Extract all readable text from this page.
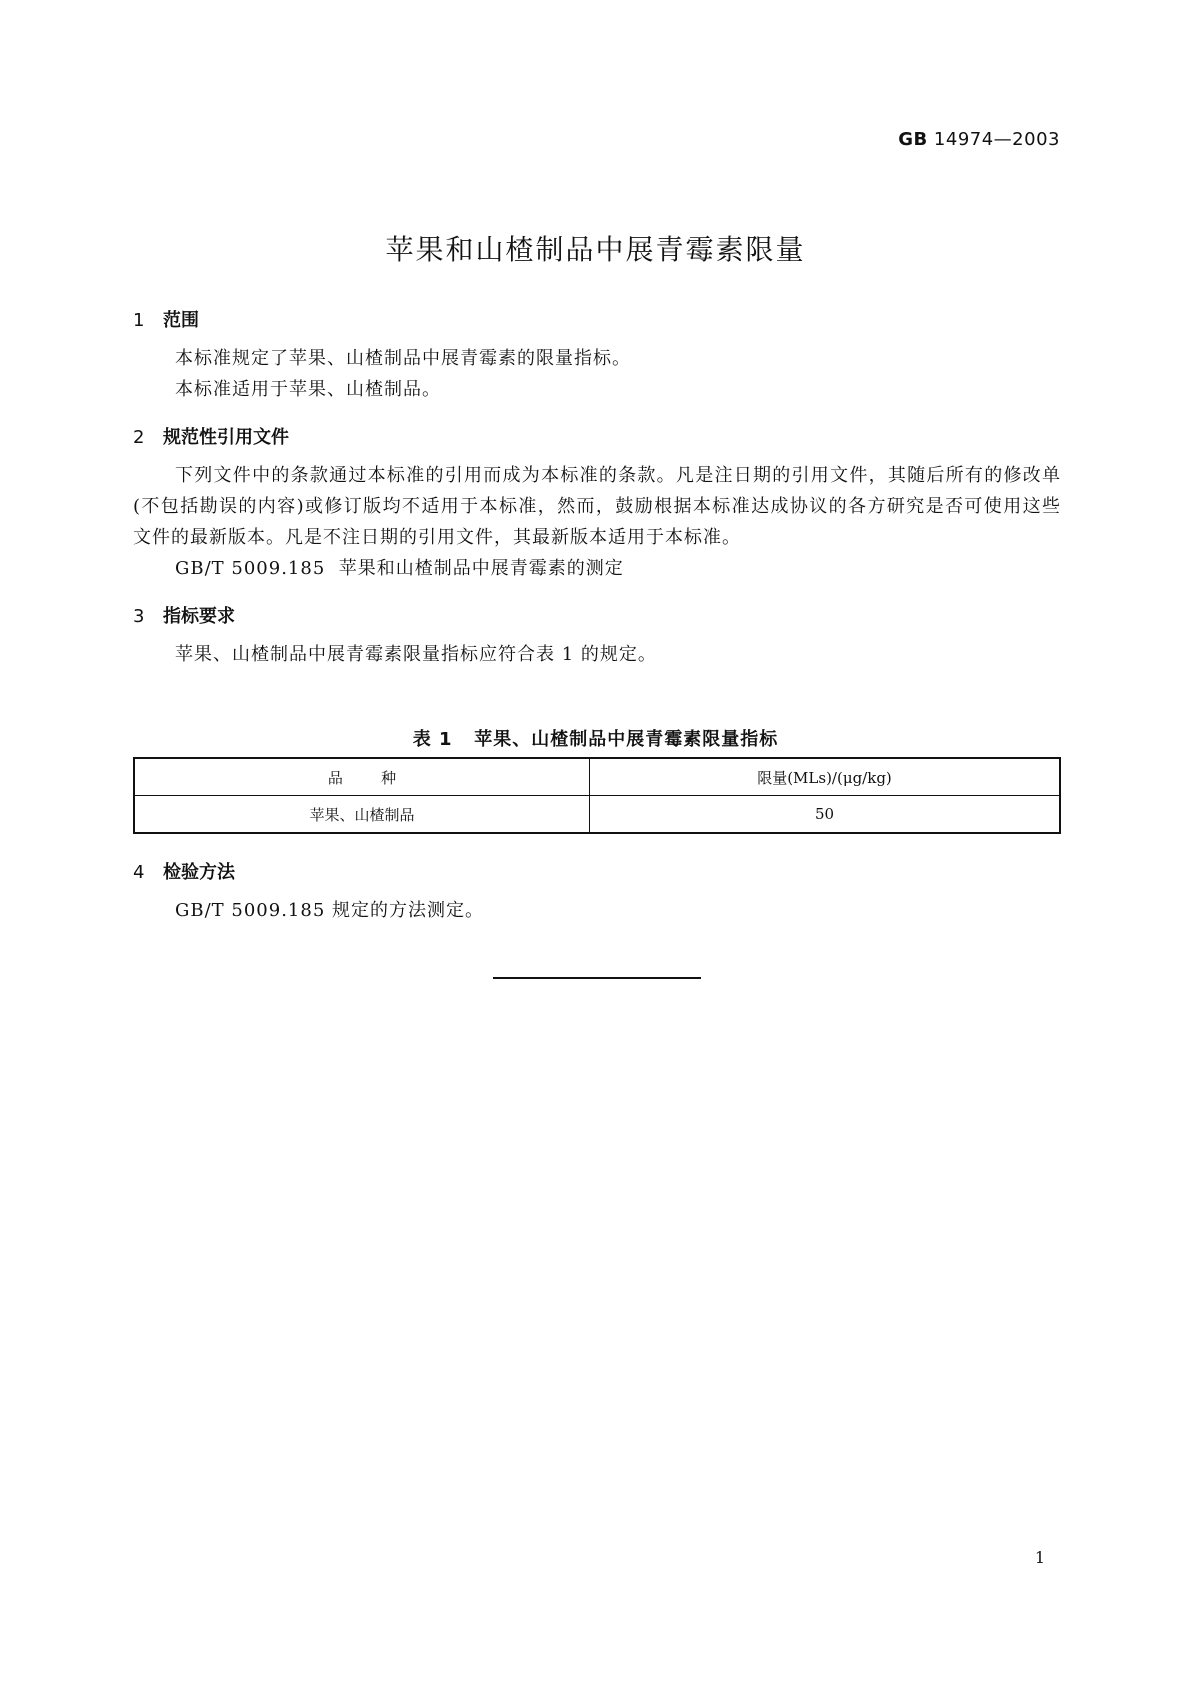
GB 14974—2003
苹果和山楂制品中展青霉素限量
1 范围
本标准规定了苹果、山楂制品中展青霉素的限量指标。
本标准适用于苹果、山楂制品。
2 规范性引用文件
下列文件中的条款通过本标准的引用而成为本标准的条款。凡是注日期的引用文件，其随后所有的修改单(不包括勘误的内容)或修订版均不适用于本标准，然而，鼓励根据本标准达成协议的各方研究是否可使用这些文件的最新版本。凡是不注日期的引用文件，其最新版本适用于本标准。
GB/T 5009.185  苹果和山楂制品中展青霉素的测定
3 指标要求
苹果、山楂制品中展青霉素限量指标应符合表 1 的规定。
表 1   苹果、山楂制品中展青霉素限量指标
品        种	限量(MLs)/(μg/kg)
苹果、山楂制品	50
4 检验方法
GB/T 5009.185 规定的方法测定。
1
